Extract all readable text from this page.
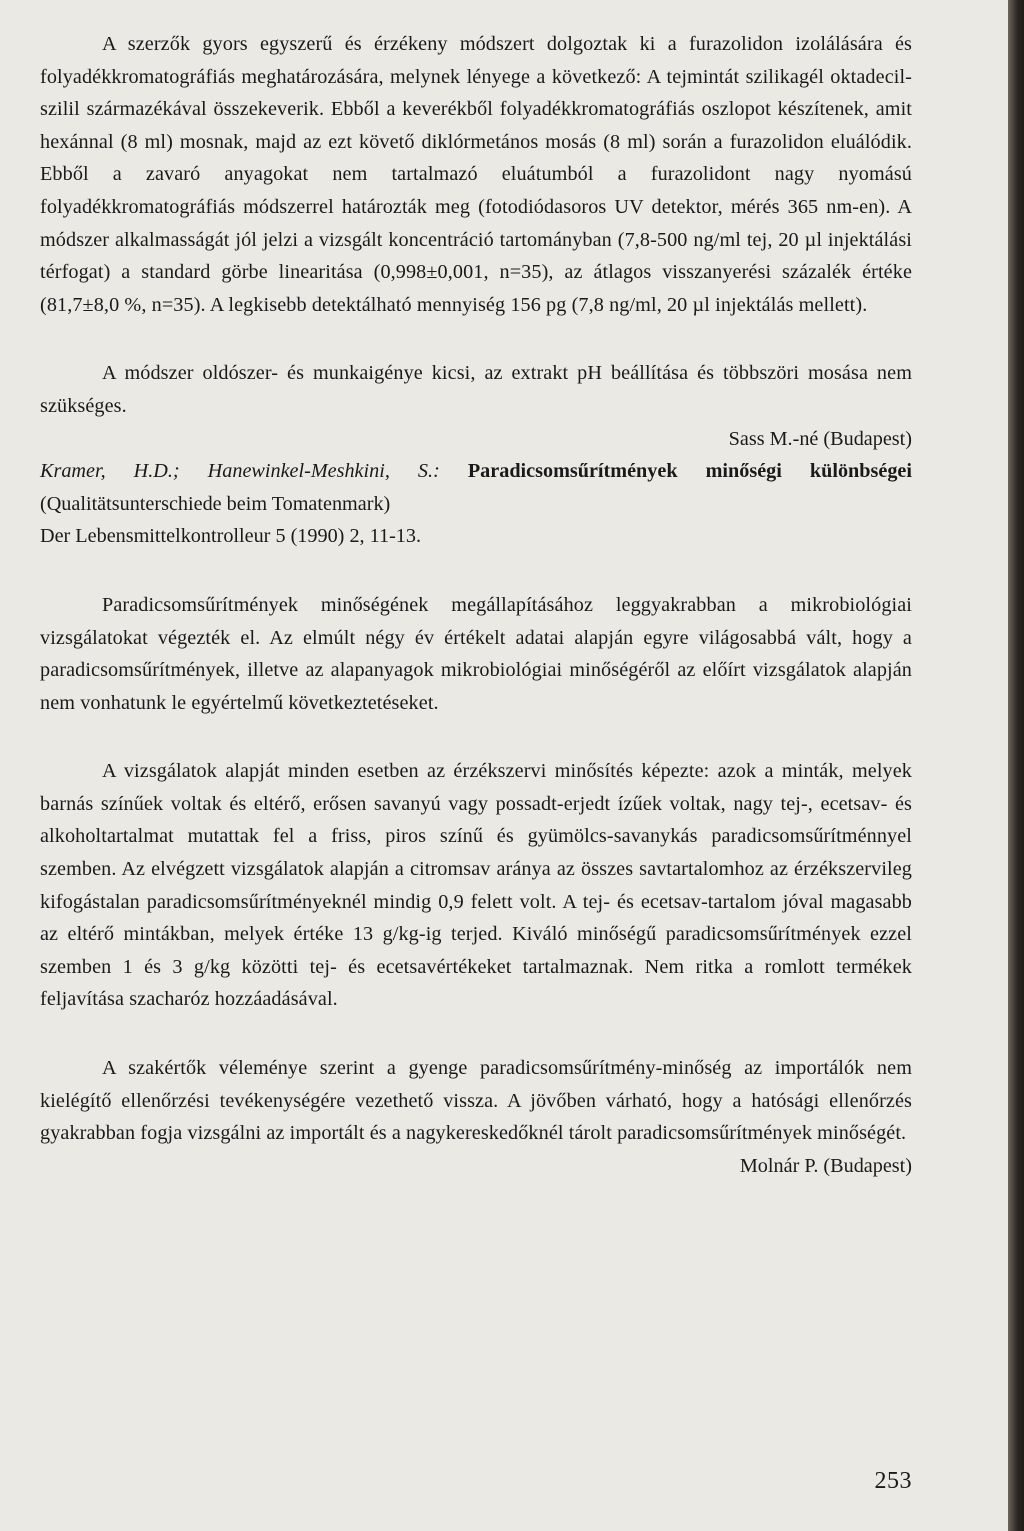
A szerzők gyors egyszerű és érzékeny módszert dolgoztak ki a furazolidon izolálására és folyadékkromatográfiás meghatározására, melynek lényege a következő: A tejmintát szilikagél oktadecil-szilil származékával összekeverik. Ebből a keverékből folyadékkromatográfiás oszlopot készítenek, amit hexánnal (8 ml) mosnak, majd az ezt követő diklórmetános mosás (8 ml) során a furazolidon eluálódik. Ebből a zavaró anyagokat nem tartalmazó eluátumból a furazolidont nagy nyomású folyadékkromatográfiás módszerrel határozták meg (fotodiódasoros UV detektor, mérés 365 nm-en). A módszer alkalmasságát jól jelzi a vizsgált koncentráció tartományban (7,8-500 ng/ml tej, 20 µl injektálási térfogat) a standard görbe linearitása (0,998±0,001, n=35), az átlagos visszanyerési százalék értéke (81,7±8,0 %, n=35). A legkisebb detektálható mennyiség 156 pg (7,8 ng/ml, 20 µl injektálás mellett).

A módszer oldószer- és munkaigénye kicsi, az extrakt pH beállítása és többszöri mosása nem szükséges.

Sass M.-né (Budapest)

Kramer, H.D.; Hanewinkel-Meshkini, S.: Paradicsomsűrítmények minőségi különbségei (Qualitätsunterschiede beim Tomatenmark)
Der Lebensmittelkontrolleur 5 (1990) 2, 11-13.

Paradicsomsűrítmények minőségének megállapításához leggyakrabban a mikrobiológiai vizsgálatokat végezték el. Az elmúlt négy év értékelt adatai alapján egyre világosabbá vált, hogy a paradicsomsűrítmények, illetve az alapanyagok mikrobiológiai minőségéről az előírt vizsgálatok alapján nem vonhatunk le egyértelmű következtetéseket.

A vizsgálatok alapját minden esetben az érzékszervi minősítés képezte: azok a minták, melyek barnás színűek voltak és eltérő, erősen savanyú vagy possadt-erjedt ízűek voltak, nagy tej-, ecetsav- és alkoholtartalmat mutattak fel a friss, piros színű és gyümölcs-savanykás paradicsomsűrítménnyel szemben. Az elvégzett vizsgálatok alapján a citromsav aránya az összes savtartalomhoz az érzékszervileg kifogástalan paradicsomsűrítményeknél mindig 0,9 felett volt. A tej- és ecetsav-tartalom jóval magasabb az eltérő mintákban, melyek értéke 13 g/kg-ig terjed. Kiváló minőségű paradicsomsűrítmények ezzel szemben 1 és 3 g/kg közötti tej- és ecetsavértékeket tartalmaznak. Nem ritka a romlott termékek feljavítása szacharóz hozzáadásával.

A szakértők véleménye szerint a gyenge paradicsomsűrítmény-minőség az importálók nem kielégítő ellenőrzési tevékenységére vezethető vissza. A jövőben várható, hogy a hatósági ellenőrzés gyakrabban fogja vizsgálni az importált és a nagykereskedőknél tárolt paradicsomsűrítmények minőségét.

Molnár P. (Budapest)

253
